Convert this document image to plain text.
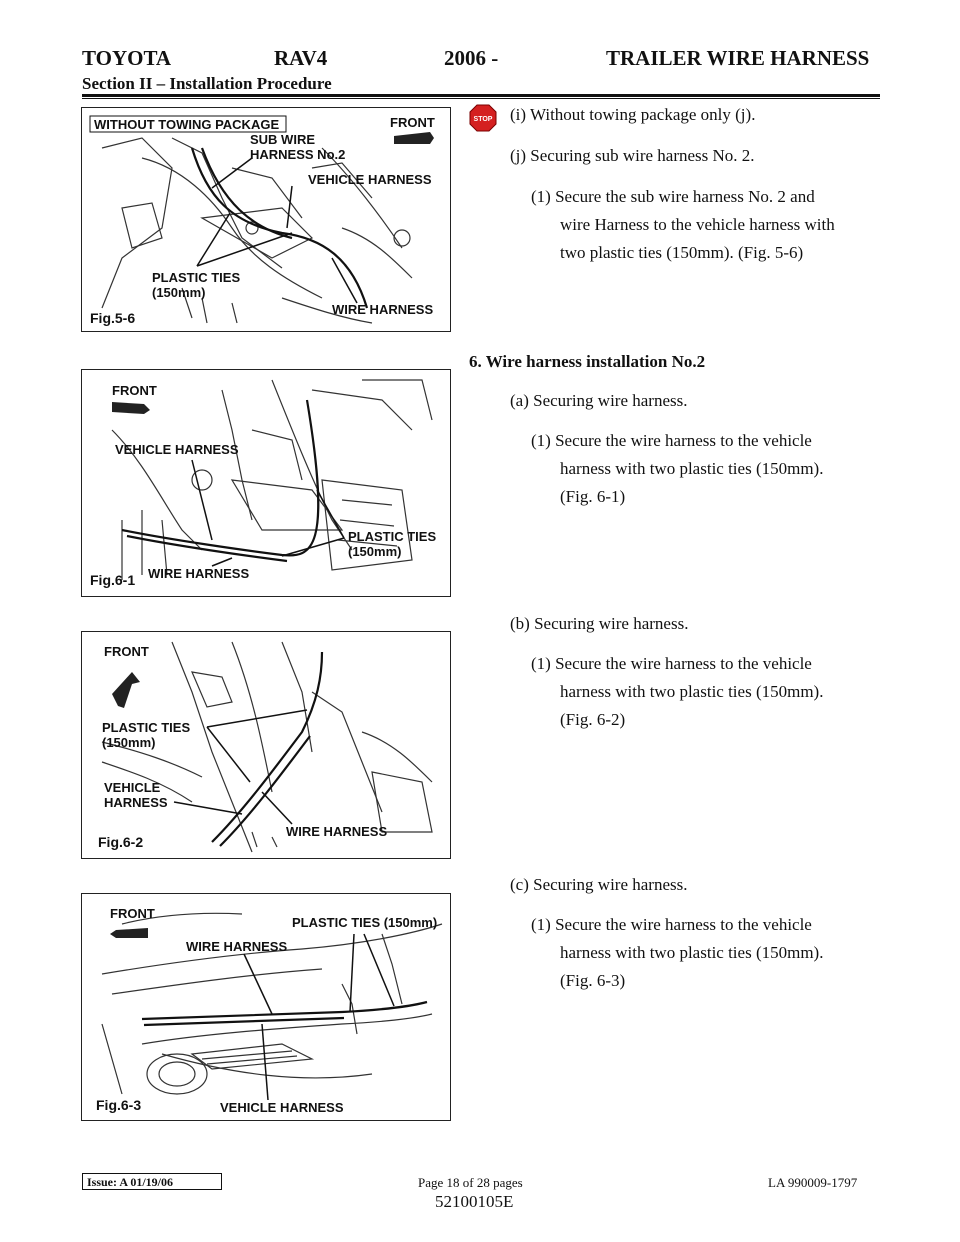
TOYOTA	RAV4	2006 -	TRAILER WIRE HARNESS
Section II – Installation Procedure
WITHOUT TOWING PACKAGE	FRONT
SUB WIRE
HARNESS No.2
VEHICLE HARNESS
PLASTIC TIES
(150mm)
WIRE HARNESS
Fig.5-6
FRONT
VEHICLE HARNESS
PLASTIC TIES
(150mm)
WIRE HARNESS
Fig.6-1
FRONT
PLASTIC TIES
(150mm)
VEHICLE
HARNESS
WIRE HARNESS
Fig.6-2
FRONT
PLASTIC TIES (150mm)
WIRE HARNESS
VEHICLE HARNESS
Fig.6-3
STOP (i) Without towing package only (j).
(j) Securing sub wire harness No. 2.
(1) Secure the sub wire harness No. 2 and
wire Harness to the vehicle harness with
two plastic ties (150mm). (Fig. 5-6)
6. Wire harness installation No.2
(a) Securing wire harness.
(1) Secure the wire harness to the vehicle
harness with two plastic ties (150mm).
(Fig. 6-1)
(b) Securing wire harness.
(1) Secure the wire harness to the vehicle
harness with two plastic ties (150mm).
(Fig. 6-2)
(c) Securing wire harness.
(1) Secure the wire harness to the vehicle
harness with two plastic ties (150mm).
(Fig. 6-3)
Issue: A 01/19/06	Page 18 of 28 pages	LA 990009-1797
52100105E
